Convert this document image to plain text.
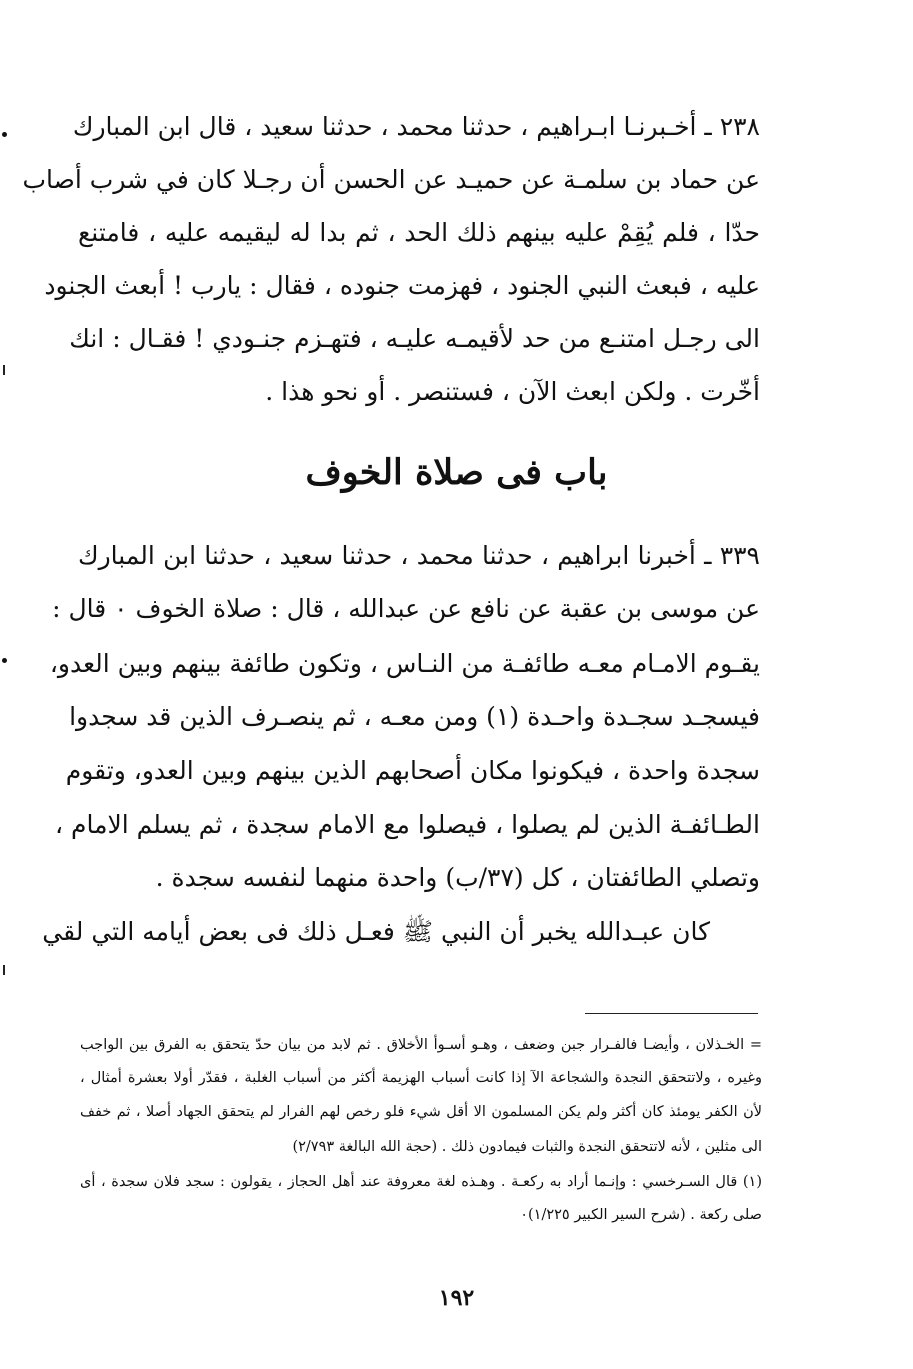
٢٣٨ ـ أخـبرنـا ابـراهيم ، حدثنا محمد ، حدثنا سعيد ، قال ابن المبارك
عن حماد بن سلمـة عن حميـد عن الحسن أن رجـلا كان في شرب أصاب
حدّا ، فلم يُقِمْ عليه بينهم ذلك الحد ، ثم بدا له ليقيمه عليه ، فامتنع
عليه ، فبعث النبي الجنود ، فهزمت جنوده ، فقال : يارب ! أبعث الجنود
الى رجـل امتنـع من حد لأقيمـه عليـه ، فتهـزم جنـودي ! فقـال : انك
أخّرت . ولكن ابعث الآن ، فستنصر . أو نحو هذا .
باب فى صلاة الخوف
٣٣٩ ـ أخبرنا ابراهيم ، حدثنا محمد ، حدثنا سعيد ، حدثنا ابن المبارك
عن موسى بن عقبة عن نافع عن عبدالله ، قال : صلاة الخوف ٠ قال :
يقـوم الامـام معـه طائفـة من النـاس ، وتكون طائفة بينهم وبين العدو،
فيسجـد سجـدة واحـدة (١) ومن معـه ، ثم ينصـرف الذين قد سجدوا
سجدة واحدة ، فيكونوا مكان أصحابهم الذين بينهم وبين العدو، وتقوم
الطـائفـة الذين لم يصلوا ، فيصلوا مع الامام سجدة ، ثم يسلم الامام ،
وتصلي الطائفتان ، كل (٣٧/ب) واحدة منهما لنفسه سجدة .
كان عبـدالله يخبر أن النبي ﷺ فعـل ذلك فى بعض أيامه التي لقي
= الخـذلان ، وأيضـا فالفـرار جبن وضعف ، وهـو أسـوأ الأخلاق . ثم لابد من بيان حدّ يتحقق به الفرق بين الواجب
وغيره ، ولاتتحقق النجدة والشجاعة الآ إذا كانت أسباب الهزيمة أكثر من أسباب الغلبة ، فقدّر أولا بعشرة أمثال ،
لأن الكفر يومئذ كان أكثر ولم يكن المسلمون الا أقل شيء فلو رخص لهم الفرار لم يتحقق الجهاد أصلا ، ثم خفف
الى مثلين ، لأنه لاتتحقق النجدة والثبات فيمادون ذلك . (حجة الله البالغة ٢/٧٩٣)
(١) قال السـرخسي : وإنـما أراد به ركعـة . وهـذه لغة معروفة عند أهل الحجاز ، يقولون : سجد فلان سجدة ، أى
صلى ركعة . (شرح السير الكبير ١/٢٢٥)٠
١٩٢
